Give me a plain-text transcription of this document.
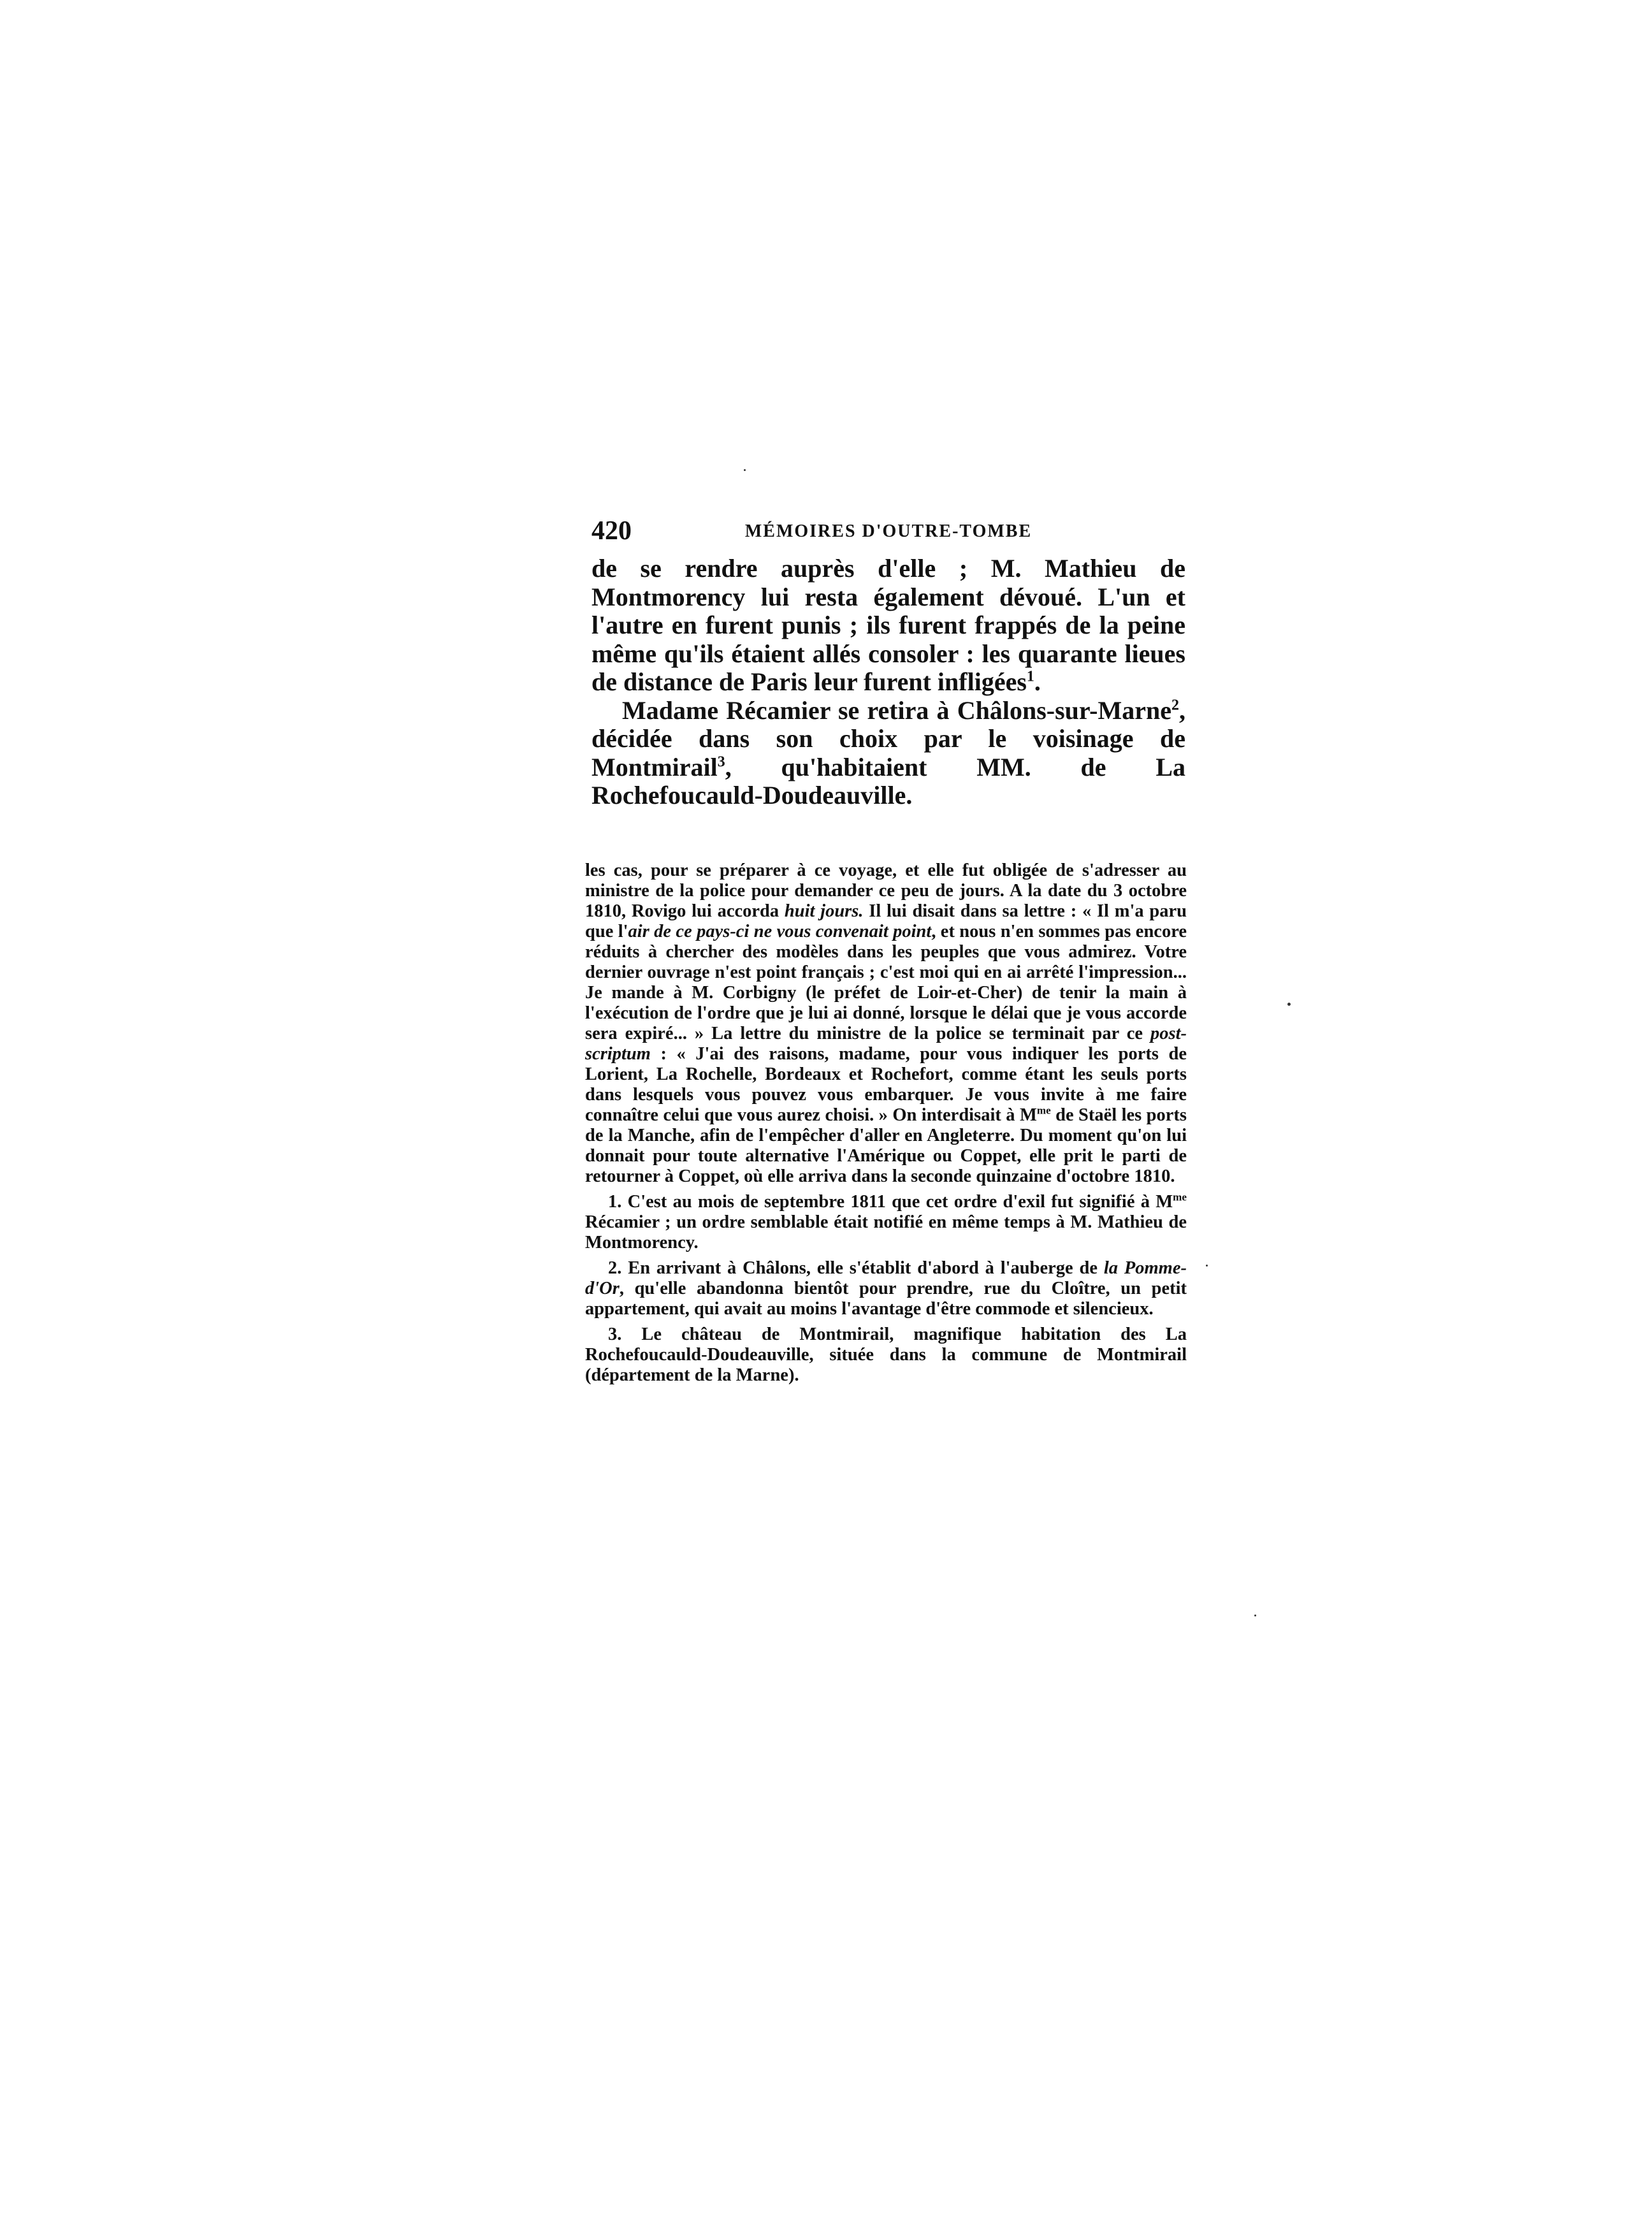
420	MÉMOIRES D'OUTRE-TOMBE

de se rendre auprès d'elle ; M. Mathieu de Montmorency lui resta également dévoué. L'un et l'autre en furent punis ; ils furent frappés de la peine même qu'ils étaient allés consoler : les quarante lieues de distance de Paris leur furent infligées$^1$.

Madame Récamier se retira à Châlons-sur-Marne$^2$, décidée dans son choix par le voisinage de Montmirail$^3$, qu'habitaient MM. de La Rochefoucauld-Doudeauville.

les cas, pour se préparer à ce voyage, et elle fut obligée de s'adresser au ministre de la police pour demander ce peu de jours. A la date du 3 octobre 1810, Rovigo lui accorda huit jours. Il lui disait dans sa lettre : « Il m'a paru que l'air de ce pays-ci ne vous convenait point, et nous n'en sommes pas encore réduits à chercher des modèles dans les peuples que vous admirez. Votre dernier ouvrage n'est point français ; c'est moi qui en ai arrêté l'impression... Je mande à M. Corbigny (le préfet de Loir-et-Cher) de tenir la main à l'exécution de l'ordre que je lui ai donné, lorsque le délai que je vous accorde sera expiré... » La lettre du ministre de la police se terminait par ce post-scriptum : « J'ai des raisons, madame, pour vous indiquer les ports de Lorient, La Rochelle, Bordeaux et Rochefort, comme étant les seuls ports dans lesquels vous pouvez vous embarquer. Je vous invite à me faire connaître celui que vous aurez choisi. » On interdisait à $M^{me}$ de Staël les ports de la Manche, afin de l'empêcher d'aller en Angleterre. Du moment qu'on lui donnait pour toute alternative l'Amérique ou Coppet, elle prit le parti de retourner à Coppet, où elle arriva dans la seconde quinzaine d'octobre 1810.

1. C'est au mois de septembre 1811 que cet ordre d'exil fut signifié à $M^{me}$ Récamier ; un ordre semblable était notifié en même temps à M. Mathieu de Montmorency.

2. En arrivant à Châlons, elle s'établit d'abord à l'auberge de la Pomme-d'Or, qu'elle abandonna bientôt pour prendre, rue du Cloître, un petit appartement, qui avait au moins l'avantage d'être commode et silencieux.

3. Le château de Montmirail, magnifique habitation des La Rochefoucauld-Doudeauville, située dans la commune de Montmirail (département de la Marne).
